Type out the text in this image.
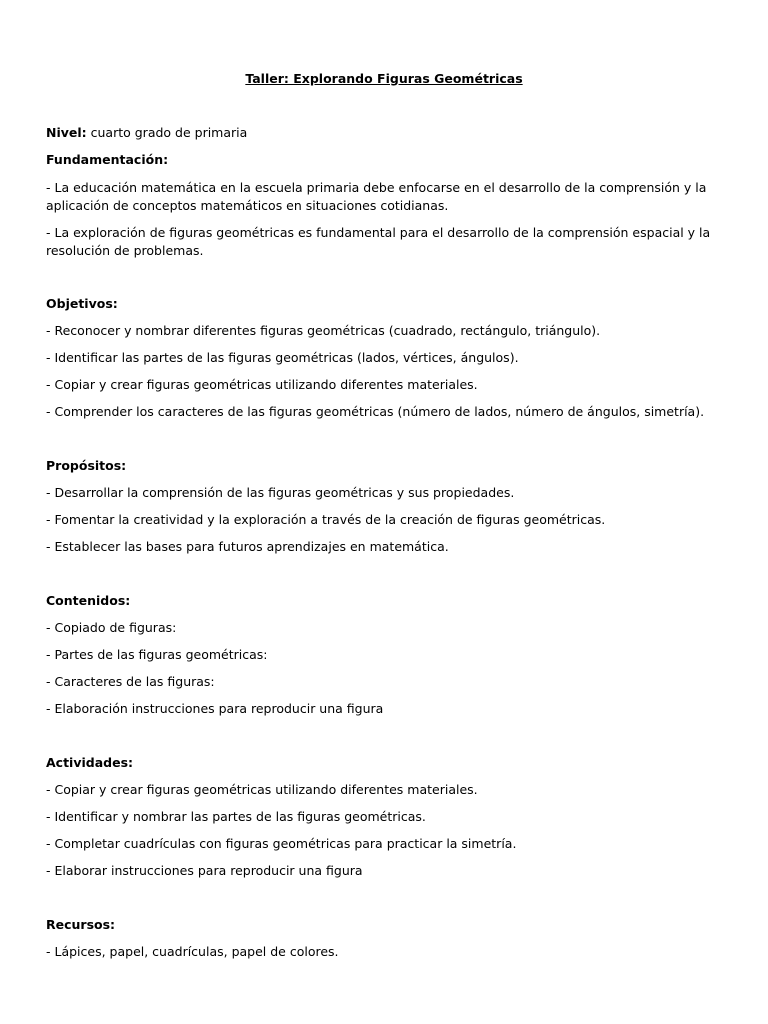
Taller: Explorando Figuras Geométricas

Nivel: cuarto grado de primaria

Fundamentación:

- La educación matemática en la escuela primaria debe enfocarse en el desarrollo de la comprensión y la aplicación de conceptos matemáticos en situaciones cotidianas.

- La exploración de figuras geométricas es fundamental para el desarrollo de la comprensión espacial y la resolución de problemas.

Objetivos:

- Reconocer y nombrar diferentes figuras geométricas (cuadrado, rectángulo, triángulo).

- Identificar las partes de las figuras geométricas (lados, vértices, ángulos).

- Copiar y crear figuras geométricas utilizando diferentes materiales.

- Comprender los caracteres de las figuras geométricas (número de lados, número de ángulos, simetría).

Propósitos:

- Desarrollar la comprensión de las figuras geométricas y sus propiedades.

- Fomentar la creatividad y la exploración a través de la creación de figuras geométricas.

- Establecer las bases para futuros aprendizajes en matemática.

Contenidos:

- Copiado de figuras:

- Partes de las figuras geométricas:

- Caracteres de las figuras:

- Elaboración instrucciones para reproducir una figura

Actividades:

- Copiar y crear figuras geométricas utilizando diferentes materiales.

- Identificar y nombrar las partes de las figuras geométricas.

- Completar cuadrículas con figuras geométricas para practicar la simetría.

- Elaborar instrucciones para reproducir una figura

Recursos:

- Lápices, papel, cuadrículas, papel de colores.
